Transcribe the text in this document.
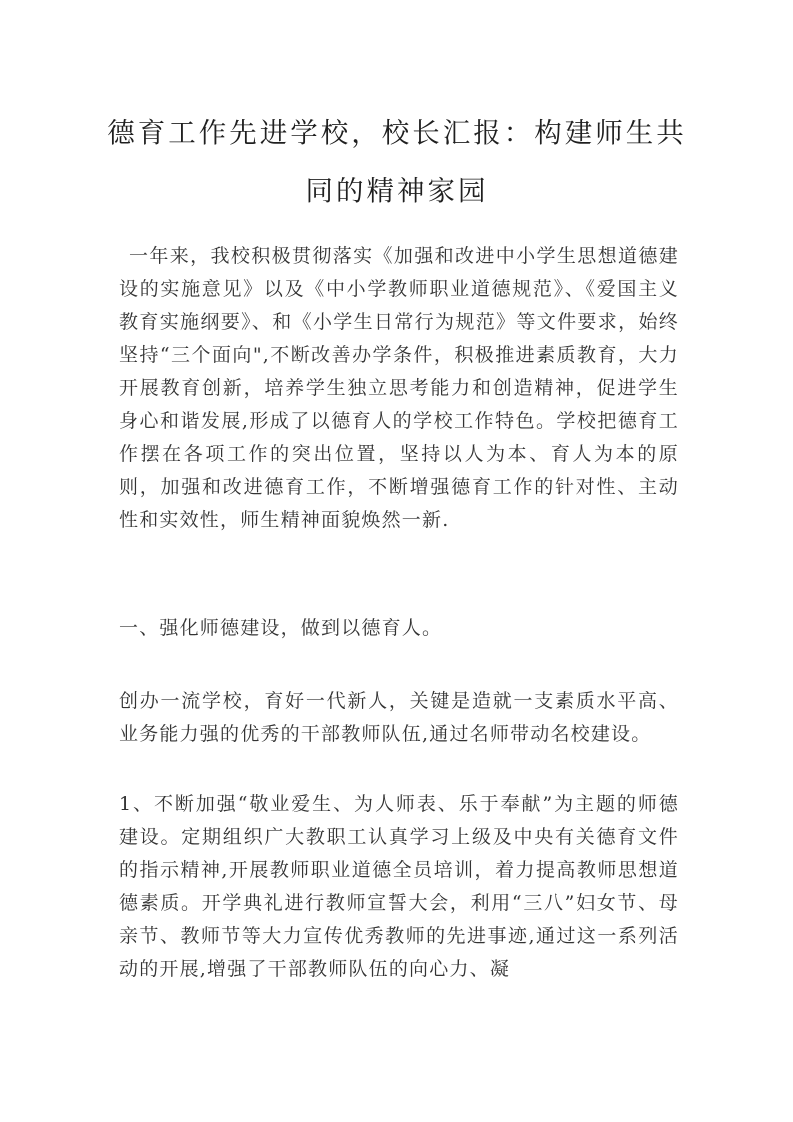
德育工作先进学校，校长汇报：构建师生共同的精神家园

一年来，我校积极贯彻落实《加强和改进中小学生思想道德建设的实施意见》以及《中小学教师职业道德规范》、《爱国主义教育实施纲要》、和《小学生日常行为规范》等文件要求，始终坚持“三个面向",不断改善办学条件，积极推进素质教育，大力开展教育创新，培养学生独立思考能力和创造精神，促进学生身心和谐发展,形成了以德育人的学校工作特色。学校把德育工作摆在各项工作的突出位置，坚持以人为本、育人为本的原则，加强和改进德育工作，不断增强德育工作的针对性、主动性和实效性，师生精神面貌焕然一新.

一、强化师德建设，做到以德育人。

创办一流学校，育好一代新人，关键是造就一支素质水平高、业务能力强的优秀的干部教师队伍,通过名师带动名校建设。

1、不断加强“敬业爱生、为人师表、乐于奉献”为主题的师德建设。定期组织广大教职工认真学习上级及中央有关德育文件的指示精神,开展教师职业道德全员培训，着力提高教师思想道德素质。开学典礼进行教师宣誓大会，利用“三八”妇女节、母亲节、教师节等大力宣传优秀教师的先进事迹,通过这一系列活动的开展,增强了干部教师队伍的向心力、凝
